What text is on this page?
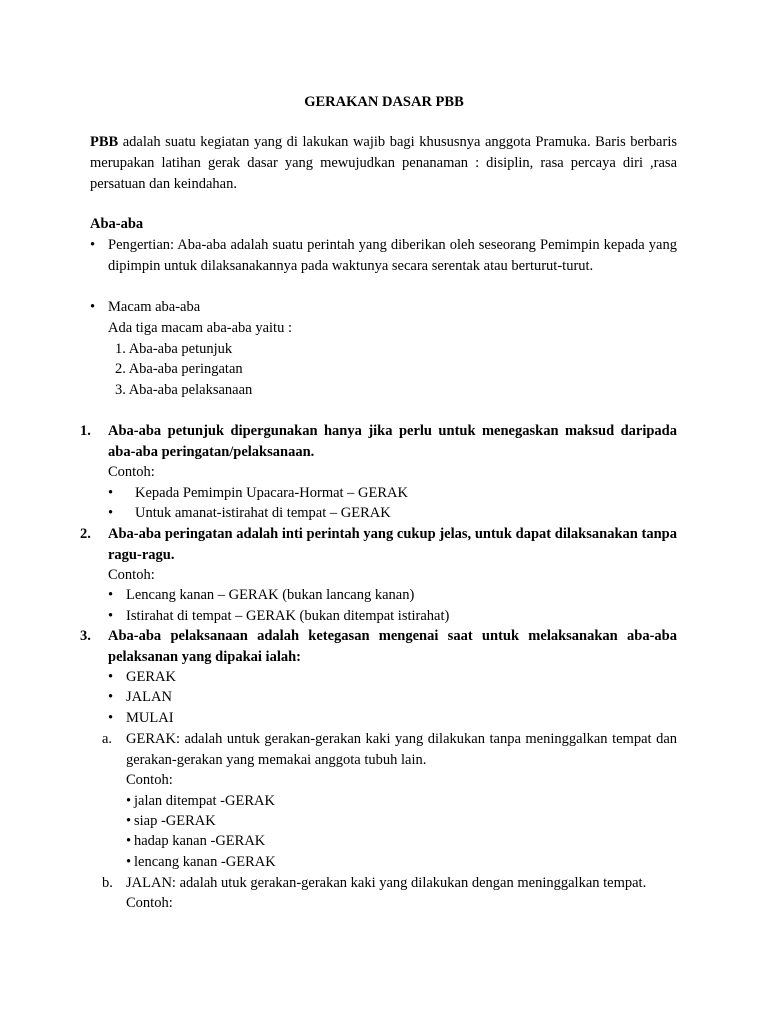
GERAKAN DASAR PBB
PBB adalah suatu kegiatan yang di lakukan wajib bagi khususnya anggota Pramuka. Baris berbaris merupakan latihan gerak dasar yang mewujudkan penanaman : disiplin, rasa percaya diri ,rasa persatuan dan keindahan.
Aba-aba
• Pengertian: Aba-aba adalah suatu perintah yang diberikan oleh seseorang Pemimpin kepada yang dipimpin untuk dilaksanakannya pada waktunya secara serentak atau berturut-turut.
• Macam aba-aba
Ada tiga macam aba-aba yaitu :
1. Aba-aba petunjuk
2. Aba-aba peringatan
3. Aba-aba pelaksanaan
1. Aba-aba petunjuk dipergunakan hanya jika perlu untuk menegaskan maksud daripada aba-aba peringatan/pelaksanaan.
Contoh:
• Kepada Pemimpin Upacara-Hormat – GERAK
• Untuk amanat-istirahat di tempat – GERAK
2. Aba-aba peringatan adalah inti perintah yang cukup jelas, untuk dapat dilaksanakan tanpa ragu-ragu.
Contoh:
• Lencang kanan – GERAK (bukan lancang kanan)
• Istirahat di tempat – GERAK (bukan ditempat istirahat)
3. Aba-aba pelaksanaan adalah ketegasan mengenai saat untuk melaksanakan aba-aba pelaksanan yang dipakai ialah:
• GERAK
• JALAN
• MULAI
a. GERAK: adalah untuk gerakan-gerakan kaki yang dilakukan tanpa meninggalkan tempat dan gerakan-gerakan yang memakai anggota tubuh lain.
Contoh:
• jalan ditempat -GERAK
• siap -GERAK
• hadap kanan -GERAK
• lencang kanan -GERAK
b. JALAN: adalah utuk gerakan-gerakan kaki yang dilakukan dengan meninggalkan tempat.
Contoh:
